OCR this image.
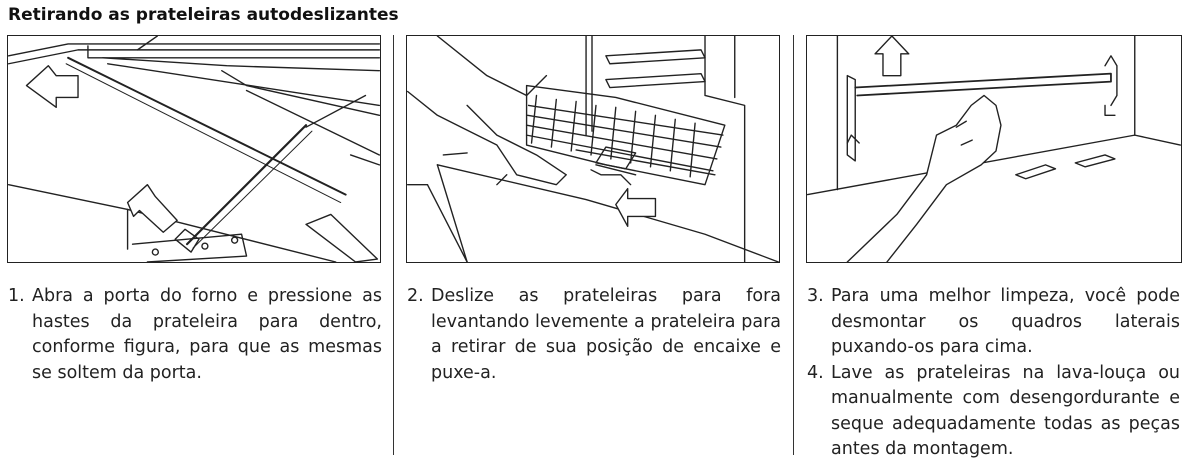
Retirando as prateleiras autodeslizantes
1. Abra a porta do forno e pressione as hastes da prateleira para dentro, conforme figura, para que as mesmas se soltem da porta.
2. Deslize as prateleiras para fora levantando levemente a prateleira para a retirar de sua posição de encaixe e puxe-a.
3. Para uma melhor limpeza, você pode desmontar os quadros laterais puxando-os para cima.
4. Lave as prateleiras na lava-louça ou manualmente com desengordurante e seque adequadamente todas as peças antes da montagem.
